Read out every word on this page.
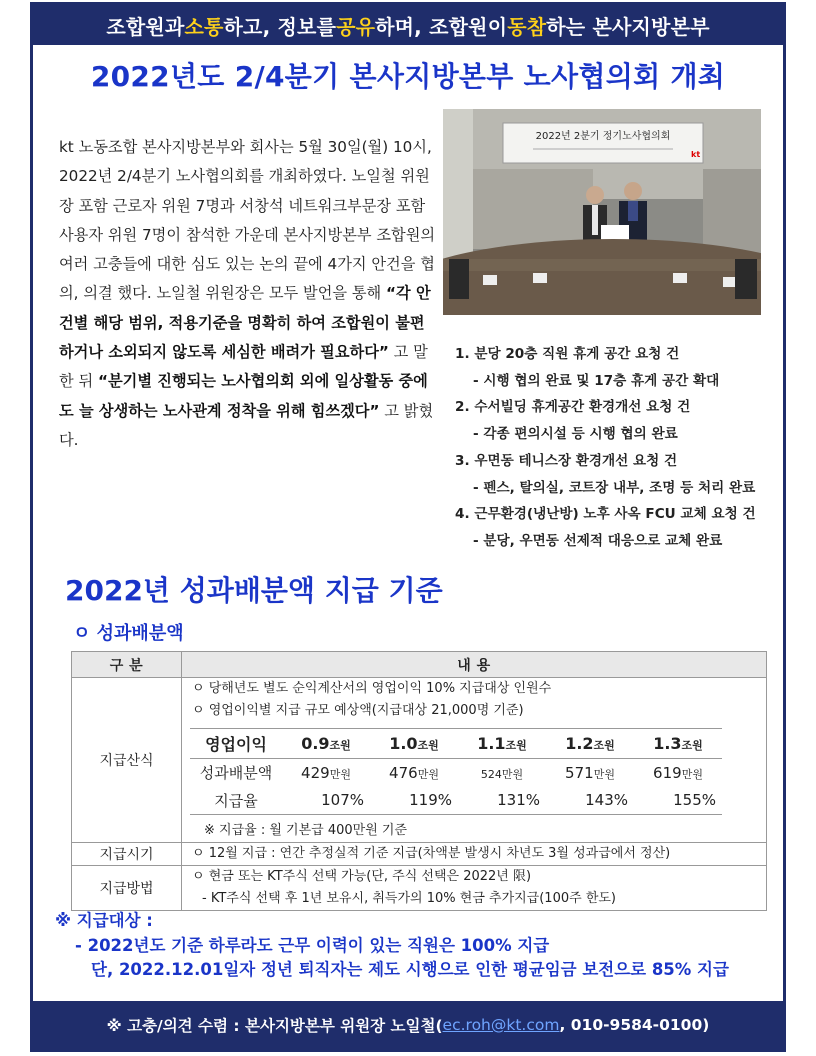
조합원과 소통 하고, 정보를 공유 하며, 조합원이 동참 하는 본사지방본부
2022년도 2/4분기 본사지방본부 노사협의회 개최
2022년 2분기 정기노사협의회
kt
kt 노동조합 본사지방본부와 회사는 5월 30일(월) 10시, 2022년 2/4분기 노사협의회를 개최하였다. 노일철 위원장 포함 근로자 위원 7명과 서창석 네트워크부문장 포함 사용자 위원 7명이 참석한 가운데 본사지방본부 조합원의 여러 고충들에 대한 심도 있는 논의 끝에 4가지 안건을 협의, 의결 했다. 노일철 위원장은 모두 발언을 통해 “각 안건별 해당 범위, 적용기준을 명확히 하여 조합원이 불편하거나 소외되지 않도록 세심한 배려가 필요하다” 고 말한 뒤 “분기별 진행되는 노사협의회 외에 일상활동 중에도 늘 상생하는 노사관계 정착을 위해 힘쓰겠다” 고 밝혔다.
1. 분당 20층 직원 휴게 공간 요청 건
- 시행 협의 완료 및 17층 휴게 공간 확대
2. 수서빌딩 휴게공간 환경개선 요청 건
- 각종 편의시설 등 시행 협의 완료
3. 우면동 테니스장 환경개선 요청 건
- 펜스, 탈의실, 코트장 내부, 조명 등 처리 완료
4. 근무환경(냉난방) 노후 사옥 FCU 교체 요청 건
- 분당, 우면동 선제적 대응으로 교체 완료
2022년 성과배분액 지급 기준
ㅇ 성과배분액
구 분	내 용
지급산식	
ㅇ 당해년도 별도 순익계산서의 영업이익 10% 지급대상 인원수
ㅇ 영업이익별 지급 규모 예상액(지급대상 21,000명 기준)
영업이익	0.9조원	1.0조원	1.1조원	1.2조원	1.3조원
성과배분액	429만원	476만원	524만원	571만원	619만원
지급율	107%	119%	131%	143%	155%
※ 지급율 : 월 기본급 400만원 기준

지급시기	ㅇ 12월 지급 : 연간 추정실적 기준 지급(차액분 발생시 차년도 3월 성과급에서 정산)
지급방법	
ㅇ 현금 또는 KT주식 선택 가능(단, 주식 선택은 2022년 限)
- KT주식 선택 후 1년 보유시, 취득가의 10% 현금 추가지급(100주 한도)
※ 지급대상 :
- 2022년도 기준 하루라도 근무 이력이 있는 직원은 100% 지급
단, 2022.12.01일자 정년 퇴직자는 제도 시행으로 인한 평균임금 보전으로 85% 지급
※ 고충/의견 수렴 : 본사지방본부 위원장 노일철( ec.roh@kt.com , 010-9584-0100)
